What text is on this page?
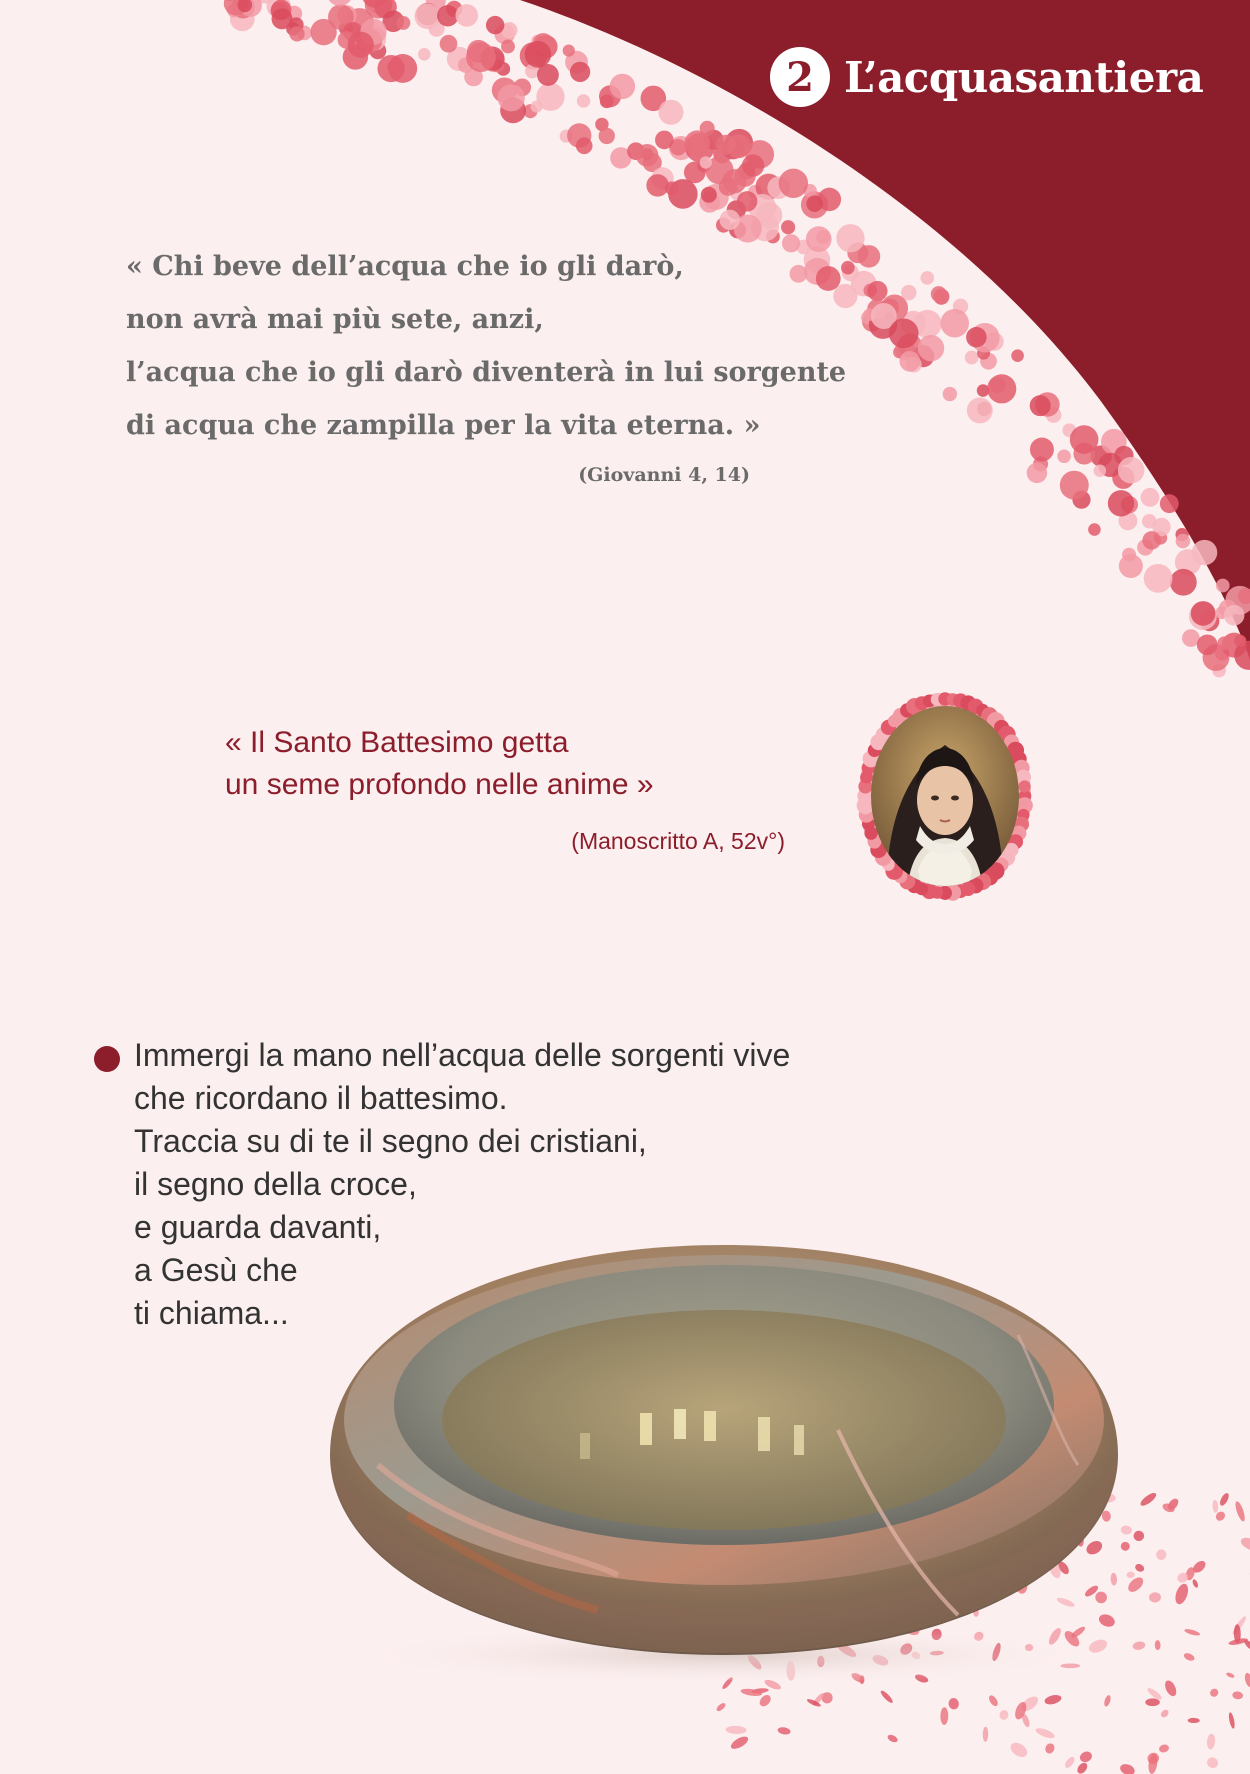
2 L’acquasantiera
« Chi beve dell’acqua che io gli darò,
non avrà mai più sete, anzi,
l’acqua che io gli darò diventerà in lui sorgente
di acqua che zampilla per la vita eterna. »
(Giovanni 4, 14)
« Il Santo Battesimo getta
un seme profondo nelle anime »
(Manoscritto A, 52v°)
Immergi la mano nell’acqua delle sorgenti vive
che ricordano il battesimo.
Traccia su di te il segno dei cristiani,
il segno della croce,
e guarda davanti,
a Gesù che
ti chiama...
